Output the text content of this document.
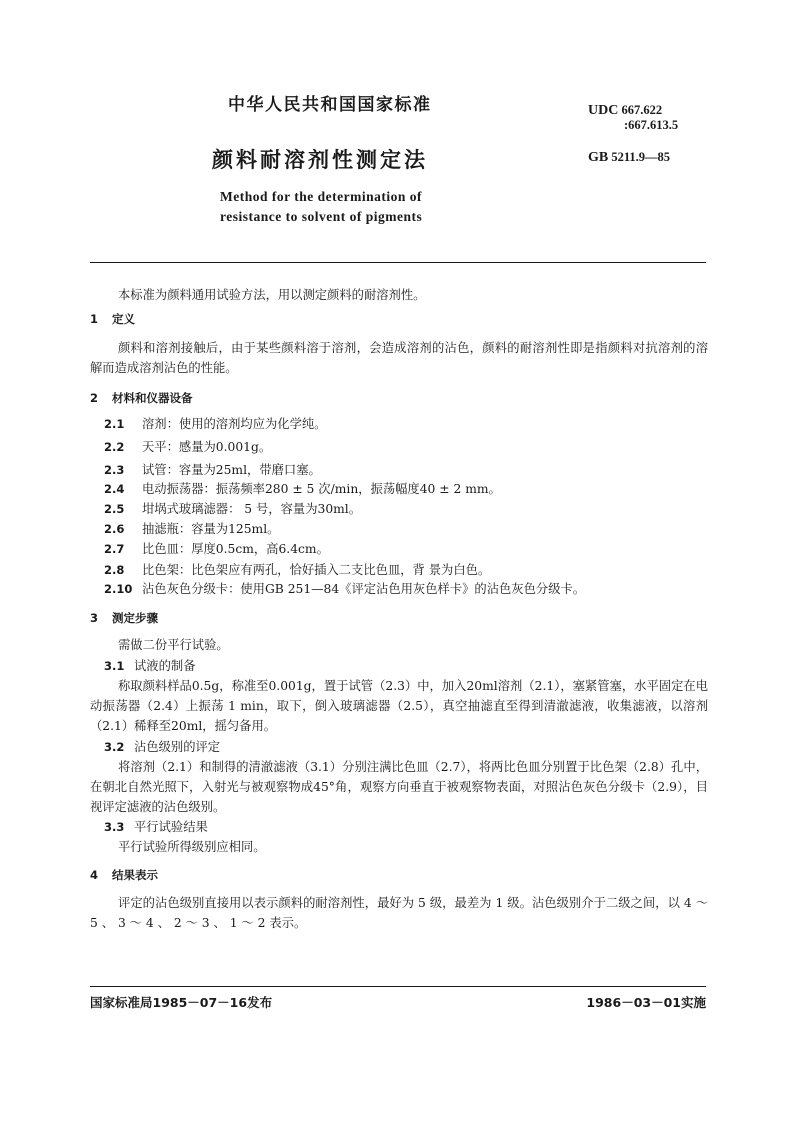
中华人民共和国国家标准	UDC 667.622
:667.613.5
颜料耐溶剂性测定法	GB 5211.9—85
Method for the determination of
resistance to solvent of pigments
本标准为颜料通用试验方法，用以测定颜料的耐溶剂性。
1 定义
颜料和溶剂接触后，由于某些颜料溶于溶剂，会造成溶剂的沾色，颜料的耐溶剂性即是指颜料对抗溶剂的溶解而造成溶剂沾色的性能。
2 材料和仪器设备
2.1 溶剂：使用的溶剂均应为化学纯。
2.2 天平：感量为0.001g。
2.3 试管：容量为25ml，带磨口塞。
2.4 电动振荡器：振荡频率280 ± 5 次/min，振荡幅度40 ± 2 mm。
2.5 坩埚式玻璃滤器： 5 号，容量为30ml。
2.6 抽滤瓶：容量为125ml。
2.7 比色皿：厚度0.5cm，高6.4cm。
2.8 比色架：比色架应有两孔，恰好插入二支比色皿，背 景为白色。
2.10 沾色灰色分级卡：使用GB 251—84《评定沾色用灰色样卡》的沾色灰色分级卡。
3 测定步骤
需做二份平行试验。
3.1 试液的制备
称取颜料样品0.5g，称准至0.001g，置于试管（2.3）中，加入20ml溶剂（2.1），塞紧管塞，水平固定在电动振荡器（2.4）上振荡 1 min，取下，倒入玻璃滤器（2.5），真空抽滤直至得到清澈滤液，收集滤液，以溶剂（2.1）稀释至20ml，摇匀备用。
3.2 沾色级别的评定
将溶剂（2.1）和制得的清澈滤液（3.1）分别注满比色皿（2.7），将两比色皿分别置于比色架（2.8）孔中，在朝北自然光照下，入射光与被观察物成45°角，观察方向垂直于被观察物表面，对照沾色灰色分级卡（2.9），目视评定滤液的沾色级别。
3.3 平行试验结果
平行试验所得级别应相同。
4 结果表示
评定的沾色级别直接用以表示颜料的耐溶剂性，最好为 5 级，最差为 1 级。沾色级别介于二级之间，以 4 ～ 5 、 3 ～ 4 、 2 ～ 3 、 1 ～ 2 表示。
国家标准局1985－07－16发布	1986－03－01实施
